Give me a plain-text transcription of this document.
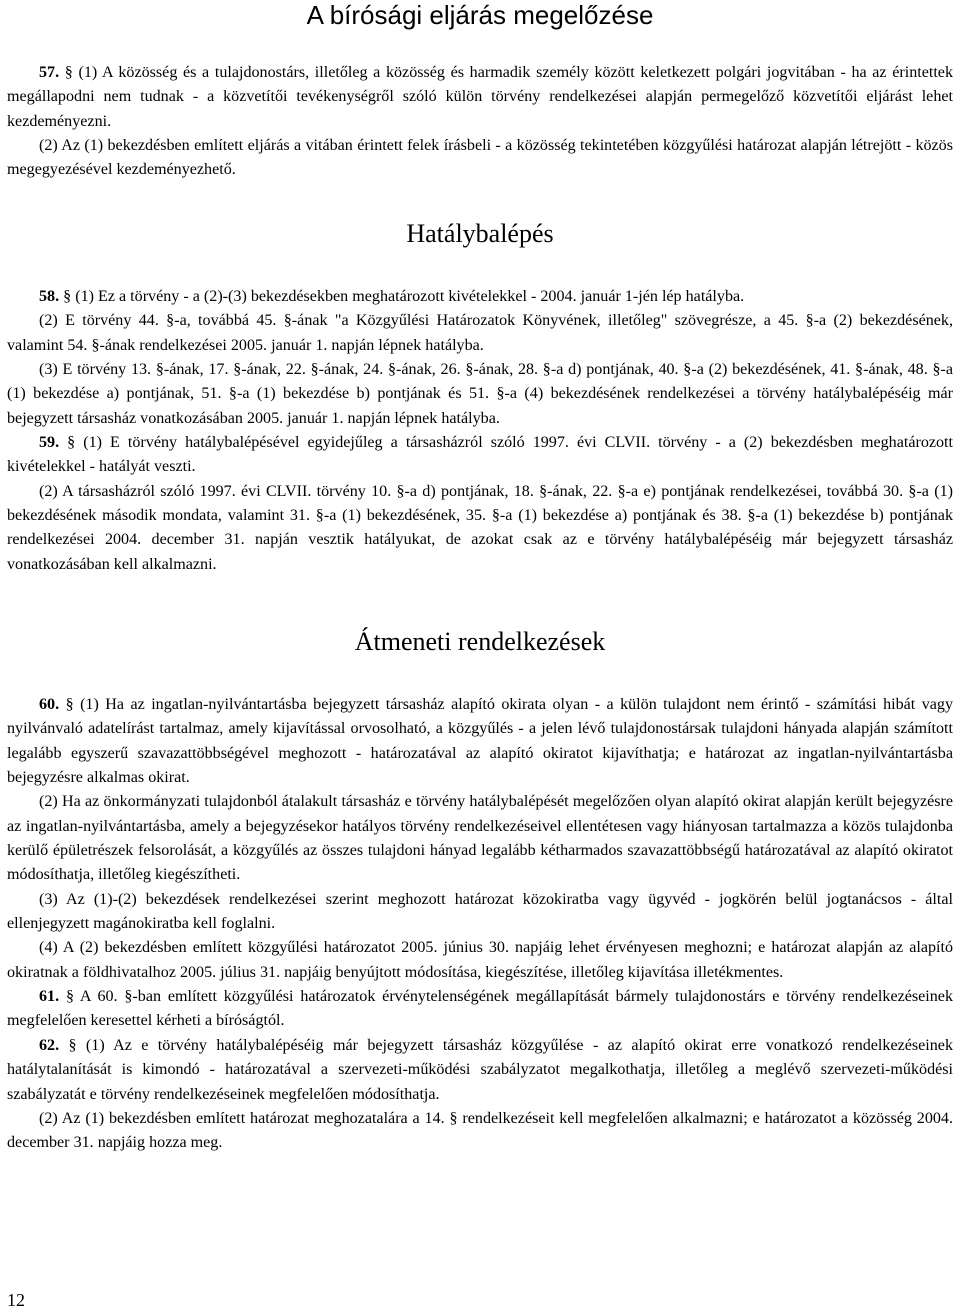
A bírósági eljárás megelőzése

57. § (1) A közösség és a tulajdonostárs, illetőleg a közösség és harmadik személy között keletkezett polgári jogvitában - ha az érintettek megállapodni nem tudnak - a közvetítői tevékenységről szóló külön törvény rendelkezései alapján permegelőző közvetítői eljárást lehet kezdeményezni.

(2) Az (1) bekezdésben említett eljárás a vitában érintett felek írásbeli - a közösség tekintetében közgyűlési határozat alapján létrejött - közös megegyezésével kezdeményezhető.

Hatálybalépés

58. § (1) Ez a törvény - a (2)-(3) bekezdésekben meghatározott kivételekkel - 2004. január 1-jén lép hatályba.

(2) E törvény 44. §-a, továbbá 45. §-ának "a Közgyűlési Határozatok Könyvének, illetőleg" szövegrésze, a 45. §-a (2) bekezdésének, valamint 54. §-ának rendelkezései 2005. január 1. napján lépnek hatályba.

(3) E törvény 13. §-ának, 17. §-ának, 22. §-ának, 24. §-ának, 26. §-ának, 28. §-a d) pontjának, 40. §-a (2) bekezdésének, 41. §-ának, 48. §-a (1) bekezdése a) pontjának, 51. §-a (1) bekezdése b) pontjának és 51. §-a (4) bekezdésének rendelkezései a törvény hatálybalépéséig már bejegyzett társasház vonatkozásában 2005. január 1. napján lépnek hatályba.

59. § (1) E törvény hatálybalépésével egyidejűleg a társasházról szóló 1997. évi CLVII. törvény - a (2) bekezdésben meghatározott kivételekkel - hatályát veszti.

(2) A társasházról szóló 1997. évi CLVII. törvény 10. §-a d) pontjának, 18. §-ának, 22. §-a e) pontjának rendelkezései, továbbá 30. §-a (1) bekezdésének második mondata, valamint 31. §-a (1) bekezdésének, 35. §-a (1) bekezdése a) pontjának és 38. §-a (1) bekezdése b) pontjának rendelkezései 2004. december 31. napján vesztik hatályukat, de azokat csak az e törvény hatálybalépéséig már bejegyzett társasház vonatkozásában kell alkalmazni.

Átmeneti rendelkezések

60. § (1) Ha az ingatlan-nyilvántartásba bejegyzett társasház alapító okirata olyan - a külön tulajdont nem érintő - számítási hibát vagy nyilvánvaló adatelírást tartalmaz, amely kijavítással orvosolható, a közgyűlés - a jelen lévő tulajdonostársak tulajdoni hányada alapján számított legalább egyszerű szavazattöbbségével meghozott - határozatával az alapító okiratot kijavíthatja; e határozat az ingatlan-nyilvántartásba bejegyzésre alkalmas okirat.

(2) Ha az önkormányzati tulajdonból átalakult társasház e törvény hatálybalépését megelőzően olyan alapító okirat alapján került bejegyzésre az ingatlan-nyilvántartásba, amely a bejegyzésekor hatályos törvény rendelkezéseivel ellentétesen vagy hiányosan tartalmazza a közös tulajdonba kerülő épületrészek felsorolását, a közgyűlés az összes tulajdoni hányad legalább kétharmados szavazattöbbségű határozatával az alapító okiratot módosíthatja, illetőleg kiegészítheti.

(3) Az (1)-(2) bekezdések rendelkezései szerint meghozott határozat közokiratba vagy ügyvéd - jogkörén belül jogtanácsos - által ellenjegyzett magánokiratba kell foglalni.

(4) A (2) bekezdésben említett közgyűlési határozatot 2005. június 30. napjáig lehet érvényesen meghozni; e határozat alapján az alapító okiratnak a földhivatalhoz 2005. július 31. napjáig benyújtott módosítása, kiegészítése, illetőleg kijavítása illetékmentes.

61. § A 60. §-ban említett közgyűlési határozatok érvénytelenségének megállapítását bármely tulajdonostárs e törvény rendelkezéseinek megfelelően keresettel kérheti a bíróságtól.

62. § (1) Az e törvény hatálybalépéséig már bejegyzett társasház közgyűlése - az alapító okirat erre vonatkozó rendelkezéseinek hatálytalanítását is kimondó - határozatával a szervezeti-működési szabályzatot megalkothatja, illetőleg a meglévő szervezeti-működési szabályzatát e törvény rendelkezéseinek megfelelően módosíthatja.

(2) Az (1) bekezdésben említett határozat meghozatalára a 14. § rendelkezéseit kell megfelelően alkalmazni; e határozatot a közösség 2004. december 31. napjáig hozza meg.

12
